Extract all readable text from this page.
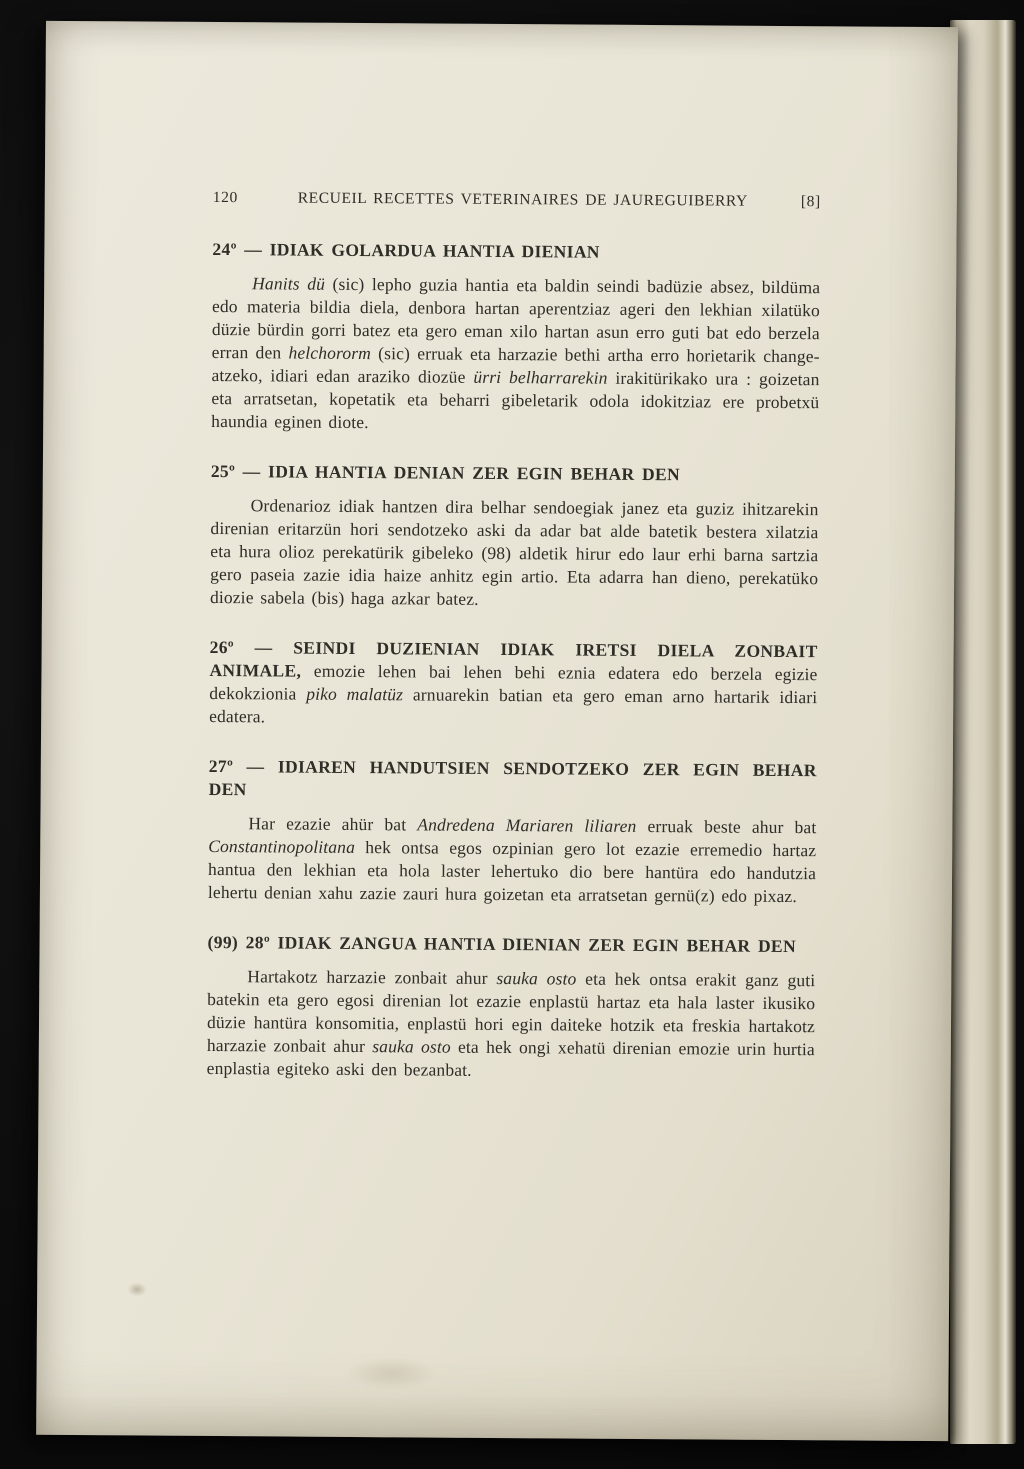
120	RECUEIL RECETTES VETERINAIRES DE JAUREGUIBERRY	[8]
24º — IDIAK GOLARDUA HANTIA DIENIAN

Hanits dü (sic) lepho guzia hantia eta baldin seindi badüzie absez, bildüma edo materia bildia diela, denbora hartan aperentziaz ageri den lekhian xilatüko düzie bürdin gorri batez eta gero eman xilo hartan asun erro guti bat edo berzela erran den helchororm (sic) erruak eta harzazie bethi artha erro horietarik change-atzeko, idiari edan araziko diozüe ürri belharrarekin irakitürikako ura : goizetan eta arratsetan, kopetatik eta beharri gibeletarik odola idokitziaz ere probetxü haundia eginen diote.

25º — IDIA HANTIA DENIAN ZER EGIN BEHAR DEN

Ordenarioz idiak hantzen dira belhar sendoegiak janez eta guziz ihitzarekin direnian eritarzün hori sendotzeko aski da adar bat alde batetik bestera xilatzia eta hura olioz perekatürik gibeleko (98) aldetik hirur edo laur erhi barna sartzia gero paseia zazie idia haize anhitz egin artio. Eta adarra han dieno, perekatüko diozie sabela (bis) haga azkar batez.

26º — SEINDI DUZIENIAN IDIAK IRETSI DIELA ZONBAIT ANIMALE, emozie lehen bai lehen behi eznia edatera edo berzela egizie dekokzionia piko malatüz arnuarekin batian eta gero eman arno hartarik idiari edatera.

27º — IDIAREN HANDUTSIEN SENDOTZEKO ZER EGIN BEHAR DEN

Har ezazie ahür bat Andredena Mariaren liliaren erruak beste ahur bat Constantinopolitana hek ontsa egos ozpinian gero lot ezazie erremedio hartaz hantua den lekhian eta hola laster lehertuko dio bere hantüra edo handutzia lehertu denian xahu zazie zauri hura goizetan eta arratsetan gernü(z) edo pixaz.

(99) 28º IDIAK ZANGUA HANTIA DIENIAN ZER EGIN BEHAR DEN

Hartakotz harzazie zonbait ahur sauka osto eta hek ontsa erakit ganz guti batekin eta gero egosi direnian lot ezazie enplastü hartaz eta hala laster ikusiko düzie hantüra konsomitia, enplastü hori egin daiteke hotzik eta freskia hartakotz harzazie zonbait ahur sauka osto eta hek ongi xehatü direnian emozie urin hurtia enplastia egiteko aski den bezanbat.
